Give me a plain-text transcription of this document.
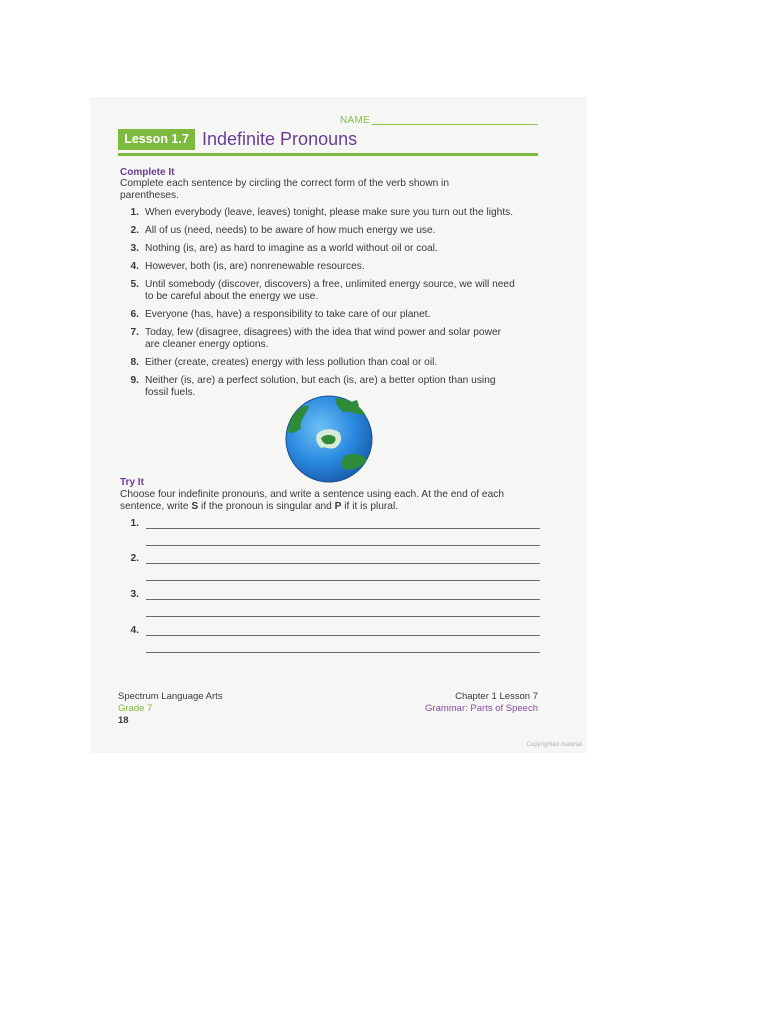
NAME
Lesson 1.7 Indefinite Pronouns
Complete It
Complete each sentence by circling the correct form of the verb shown in
parentheses.
1. When everybody (leave, leaves) tonight, please make sure you turn out the lights.
2. All of us (need, needs) to be aware of how much energy we use.
3. Nothing (is, are) as hard to imagine as a world without oil or coal.
4. However, both (is, are) nonrenewable resources.
5. Until somebody (discover, discovers) a free, unlimited energy source, we will need
to be careful about the energy we use.
6. Everyone (has, have) a responsibility to take care of our planet.
7. Today, few (disagree, disagrees) with the idea that wind power and solar power
are cleaner energy options.
8. Either (create, creates) energy with less pollution than coal or oil.
9. Neither (is, are) a perfect solution, but each (is, are) a better option than using
fossil fuels.
Try It
Choose four indefinite pronouns, and write a sentence using each. At the end of each
sentence, write S if the pronoun is singular and P if it is plural.
1.
2.
3.
4.
Spectrum Language Arts
Grade 7
18
Chapter 1 Lesson 7
Grammar: Parts of Speech
Copyrighted material
